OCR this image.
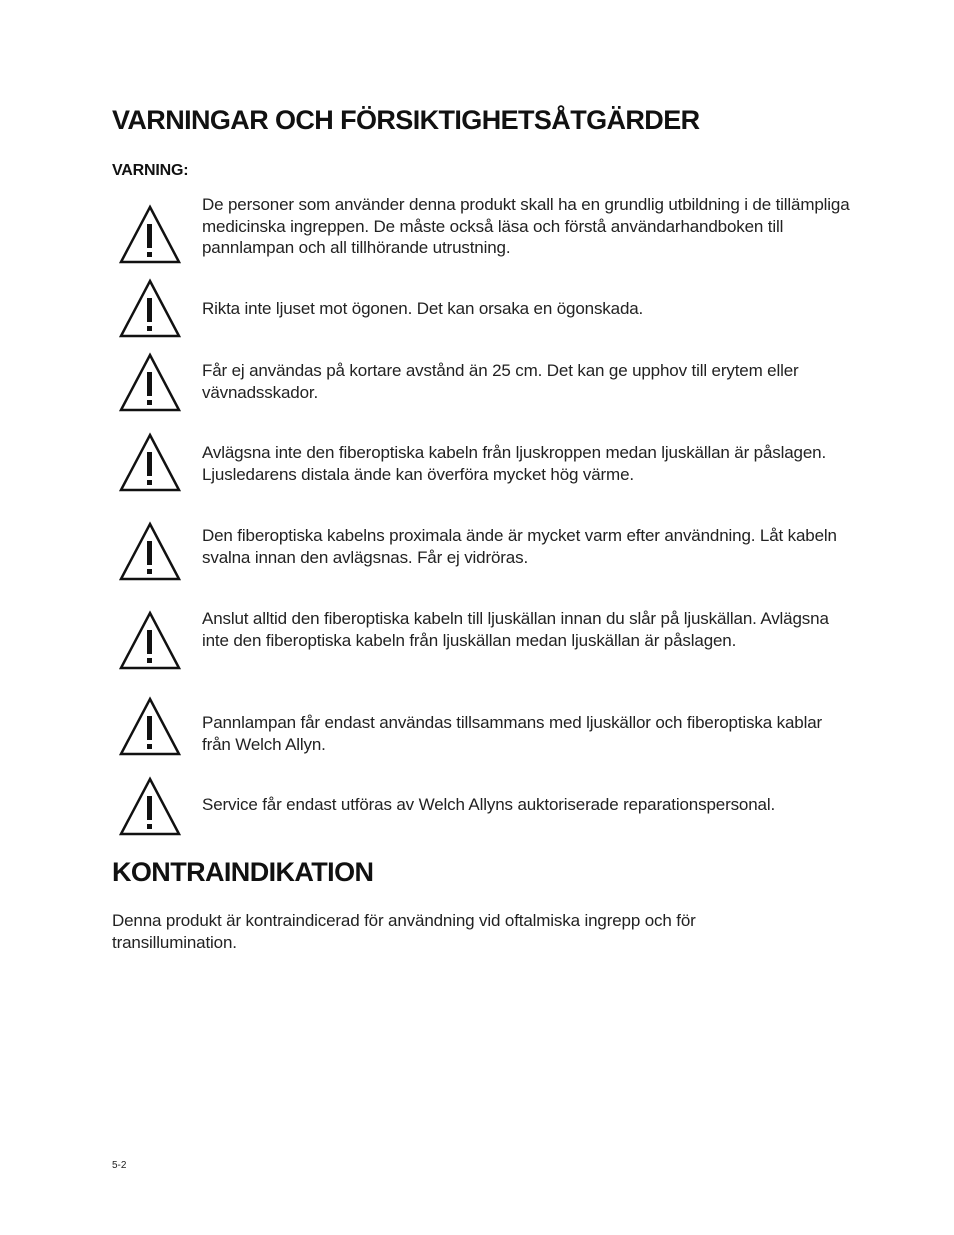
VARNINGAR OCH FÖRSIKTIGHETSÅTGÄRDER
VARNING:

De personer som använder denna produkt skall ha en grundlig utbildning i de tillämpliga medicinska ingreppen. De måste också läsa och förstå användarhandboken till pannlampan och all tillhörande utrustning.

Rikta inte ljuset mot ögonen. Det kan orsaka en ögonskada.

Får ej användas på kortare avstånd än 25 cm. Det kan ge upphov till erytem eller vävnadsskador.

Avlägsna inte den fiberoptiska kabeln från ljuskroppen medan ljuskällan är påslagen. Ljusledarens distala ände kan överföra mycket hög värme.

Den fiberoptiska kabelns proximala ände är mycket varm efter användning. Låt kabeln svalna innan den avlägsnas. Får ej vidröras.

Anslut alltid den fiberoptiska kabeln till ljuskällan innan du slår på ljuskällan. Avlägsna inte den fiberoptiska kabeln från ljuskällan medan ljuskällan är påslagen.

Pannlampan får endast användas tillsammans med ljuskällor och fiberoptiska kablar från Welch Allyn.

Service får endast utföras av Welch Allyns auktoriserade reparationspersonal.

KONTRAINDIKATION

Denna produkt är kontraindicerad för användning vid oftalmiska ingrepp och för transillumination.

5-2
